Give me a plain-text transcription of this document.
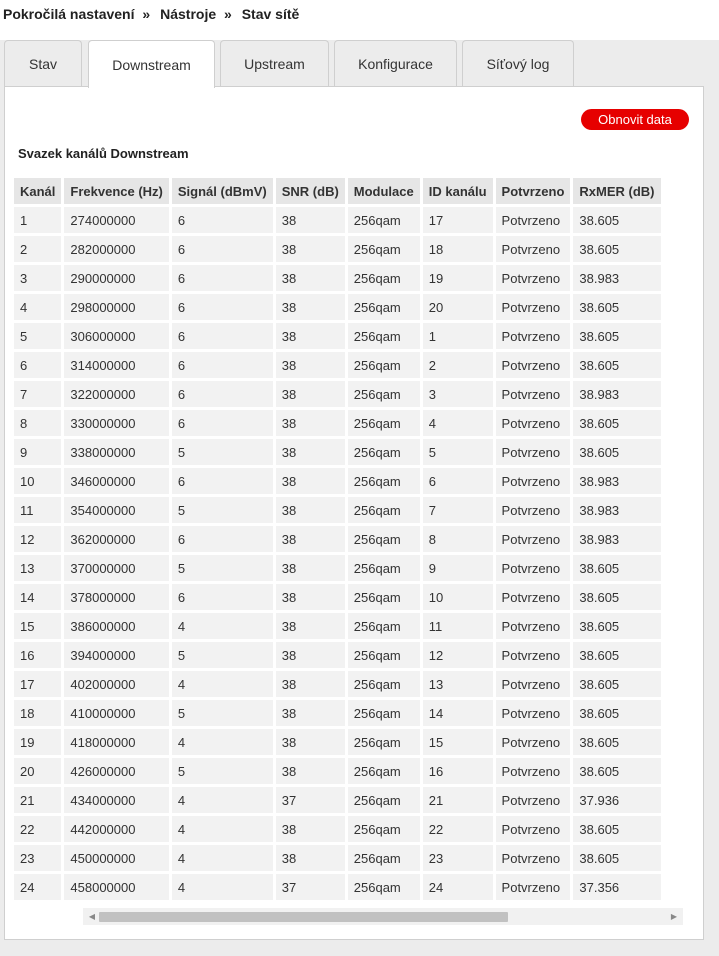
Pokročilá nastavení » Nástroje » Stav sítě
Stav	Downstream	Upstream	Konfigurace	Síťový log
Obnovit data
Svazek kanálů Downstream
Kanál	Frekvence (Hz)	Signál (dBmV)	SNR (dB)	Modulace	ID kanálu	Potvrzeno	RxMER (dB)
1	274000000	6	38	256qam	17	Potvrzeno	38.605
2	282000000	6	38	256qam	18	Potvrzeno	38.605
3	290000000	6	38	256qam	19	Potvrzeno	38.983
4	298000000	6	38	256qam	20	Potvrzeno	38.605
5	306000000	6	38	256qam	1	Potvrzeno	38.605
6	314000000	6	38	256qam	2	Potvrzeno	38.605
7	322000000	6	38	256qam	3	Potvrzeno	38.983
8	330000000	6	38	256qam	4	Potvrzeno	38.605
9	338000000	5	38	256qam	5	Potvrzeno	38.605
10	346000000	6	38	256qam	6	Potvrzeno	38.983
11	354000000	5	38	256qam	7	Potvrzeno	38.983
12	362000000	6	38	256qam	8	Potvrzeno	38.983
13	370000000	5	38	256qam	9	Potvrzeno	38.605
14	378000000	6	38	256qam	10	Potvrzeno	38.605
15	386000000	4	38	256qam	11	Potvrzeno	38.605
16	394000000	5	38	256qam	12	Potvrzeno	38.605
17	402000000	4	38	256qam	13	Potvrzeno	38.605
18	410000000	5	38	256qam	14	Potvrzeno	38.605
19	418000000	4	38	256qam	15	Potvrzeno	38.605
20	426000000	5	38	256qam	16	Potvrzeno	38.605
21	434000000	4	37	256qam	21	Potvrzeno	37.936
22	442000000	4	38	256qam	22	Potvrzeno	38.605
23	450000000	4	38	256qam	23	Potvrzeno	38.605
24	458000000	4	37	256qam	24	Potvrzeno	37.356
◀	▶
